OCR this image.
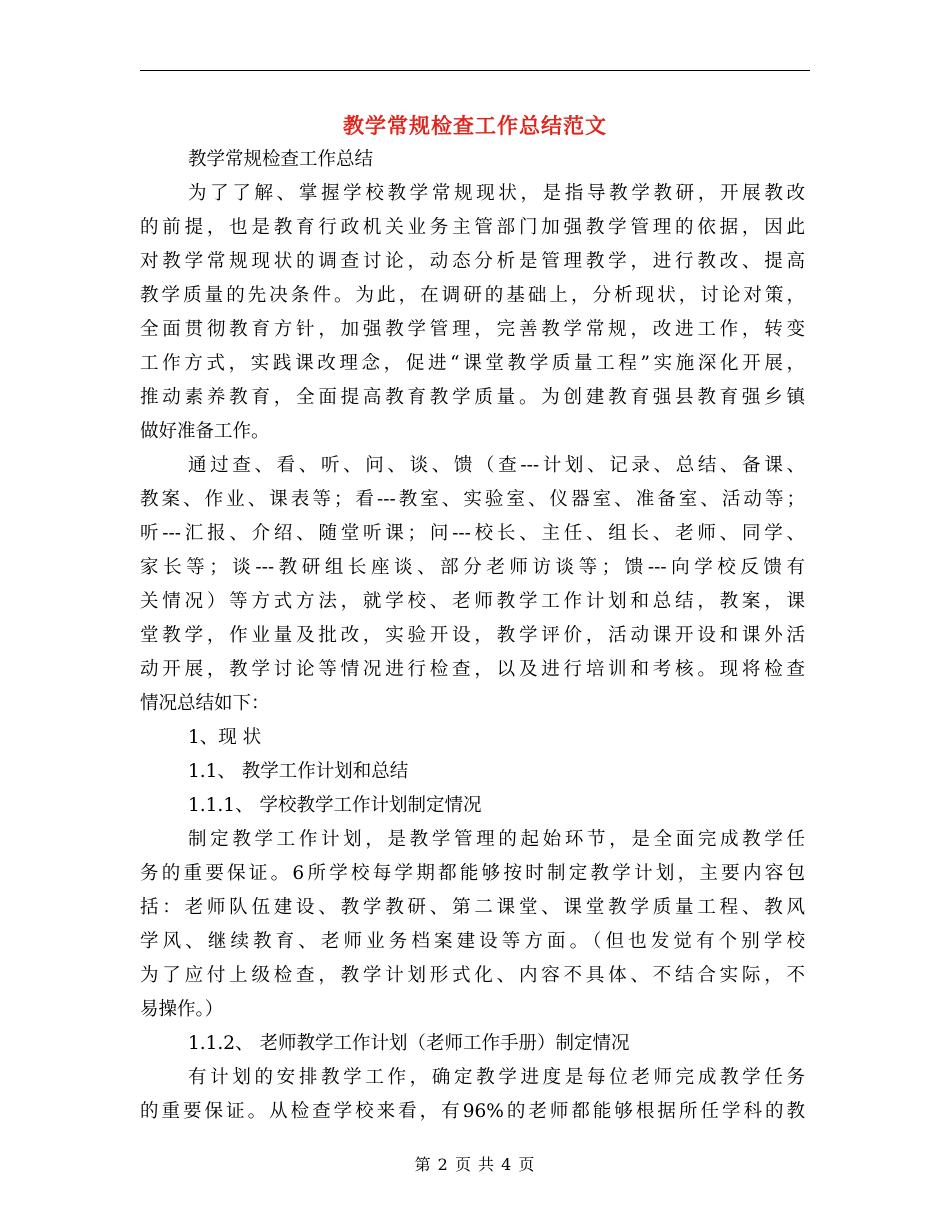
教学常规检查工作总结范文
教学常规检查工作总结
为了了解、掌握学校教学常规现状，是指导教学教研，开展教改
的前提，也是教育行政机关业务主管部门加强教学管理的依据，因此
对教学常规现状的调查讨论，动态分析是管理教学，进行教改、提高
教学质量的先决条件。为此，在调研的基础上，分析现状，讨论对策，
全面贯彻教育方针，加强教学管理，完善教学常规，改进工作，转变
工作方式，实践课改理念，促进“课堂教学质量工程”实施深化开展，
推动素养教育，全面提高教育教学质量。为创建教育强县教育强乡镇
做好准备工作。
通过查、看、听、问、谈、馈（查---计划、记录、总结、备课、
教案、作业、课表等；看---教室、实验室、仪器室、准备室、活动等；
听---汇报、介绍、随堂听课；问---校长、主任、组长、老师、同学、
家长等；谈---教研组长座谈、部分老师访谈等；馈---向学校反馈有
关情况）等方式方法，就学校、老师教学工作计划和总结，教案，课
堂教学，作业量及批改，实验开设，教学评价，活动课开设和课外活
动开展，教学讨论等情况进行检查，以及进行培训和考核。现将检查
情况总结如下：
1、现 状
1.1、 教学工作计划和总结
1.1.1、 学校教学工作计划制定情况
制定教学工作计划，是教学管理的起始环节，是全面完成教学任
务的重要保证。6所学校每学期都能够按时制定教学计划，主要内容包
括：老师队伍建设、教学教研、第二课堂、课堂教学质量工程、教风
学风、继续教育、老师业务档案建设等方面。（但也发觉有个别学校
为了应付上级检查，教学计划形式化、内容不具体、不结合实际，不
易操作。）
1.1.2、 老师教学工作计划（老师工作手册）制定情况
有计划的安排教学工作，确定教学进度是每位老师完成教学任务
的重要保证。从检查学校来看，有96%的老师都能够根据所任学科的教
第 2 页 共 4 页
